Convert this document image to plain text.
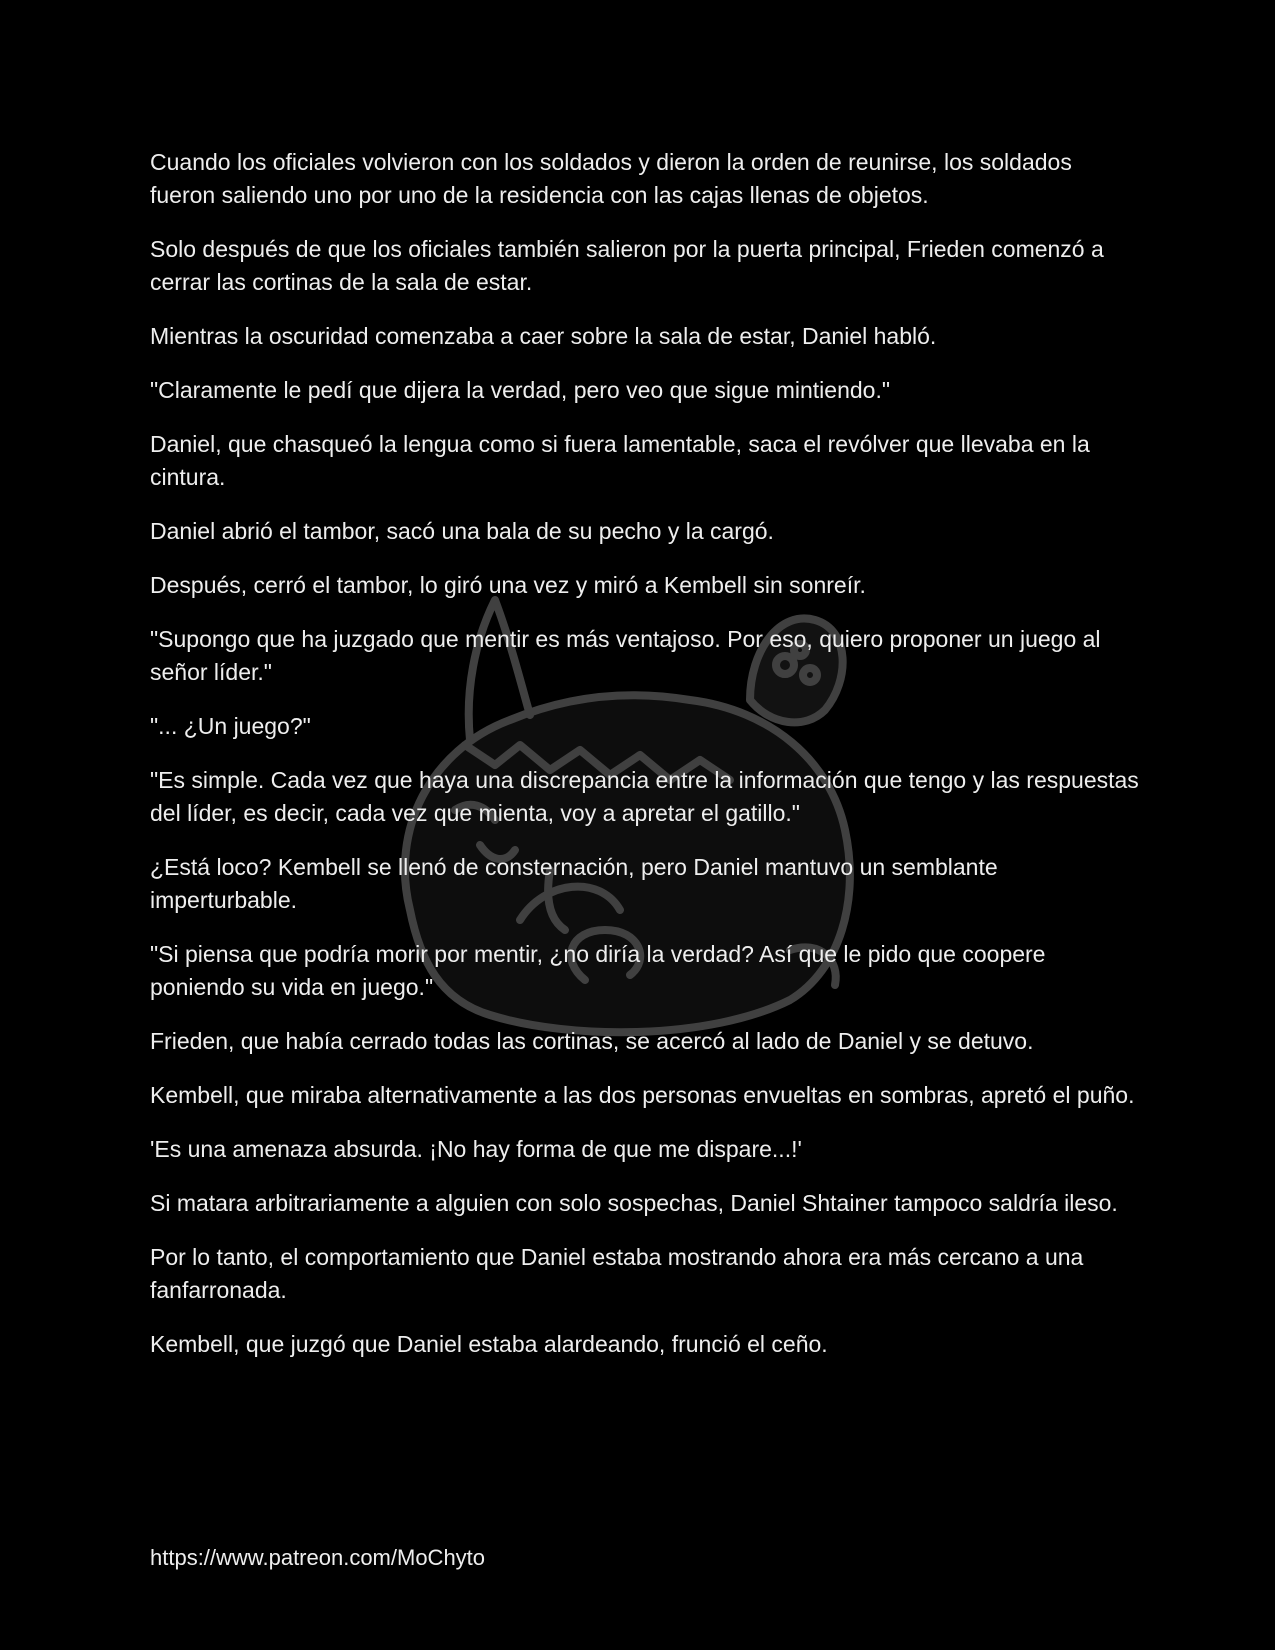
Cuando los oficiales volvieron con los soldados y dieron la orden de reunirse, los soldados fueron saliendo uno por uno de la residencia con las cajas llenas de objetos.

Solo después de que los oficiales también salieron por la puerta principal, Frieden comenzó a cerrar las cortinas de la sala de estar.

Mientras la oscuridad comenzaba a caer sobre la sala de estar, Daniel habló.

"Claramente le pedí que dijera la verdad, pero veo que sigue mintiendo."

Daniel, que chasqueó la lengua como si fuera lamentable, saca el revólver que llevaba en la cintura.

Daniel abrió el tambor, sacó una bala de su pecho y la cargó.

Después, cerró el tambor, lo giró una vez y miró a Kembell sin sonreír.

"Supongo que ha juzgado que mentir es más ventajoso. Por eso, quiero proponer un juego al señor líder."

"... ¿Un juego?"

"Es simple. Cada vez que haya una discrepancia entre la información que tengo y las respuestas del líder, es decir, cada vez que mienta, voy a apretar el gatillo."

¿Está loco? Kembell se llenó de consternación, pero Daniel mantuvo un semblante imperturbable.

"Si piensa que podría morir por mentir, ¿no diría la verdad? Así que le pido que coopere poniendo su vida en juego."

Frieden, que había cerrado todas las cortinas, se acercó al lado de Daniel y se detuvo.

Kembell, que miraba alternativamente a las dos personas envueltas en sombras, apretó el puño.

'Es una amenaza absurda. ¡No hay forma de que me dispare...!'

Si matara arbitrariamente a alguien con solo sospechas, Daniel Shtainer tampoco saldría ileso.

Por lo tanto, el comportamiento que Daniel estaba mostrando ahora era más cercano a una fanfarronada.

Kembell, que juzgó que Daniel estaba alardeando, frunció el ceño.

https://www.patreon.com/MoChyto
